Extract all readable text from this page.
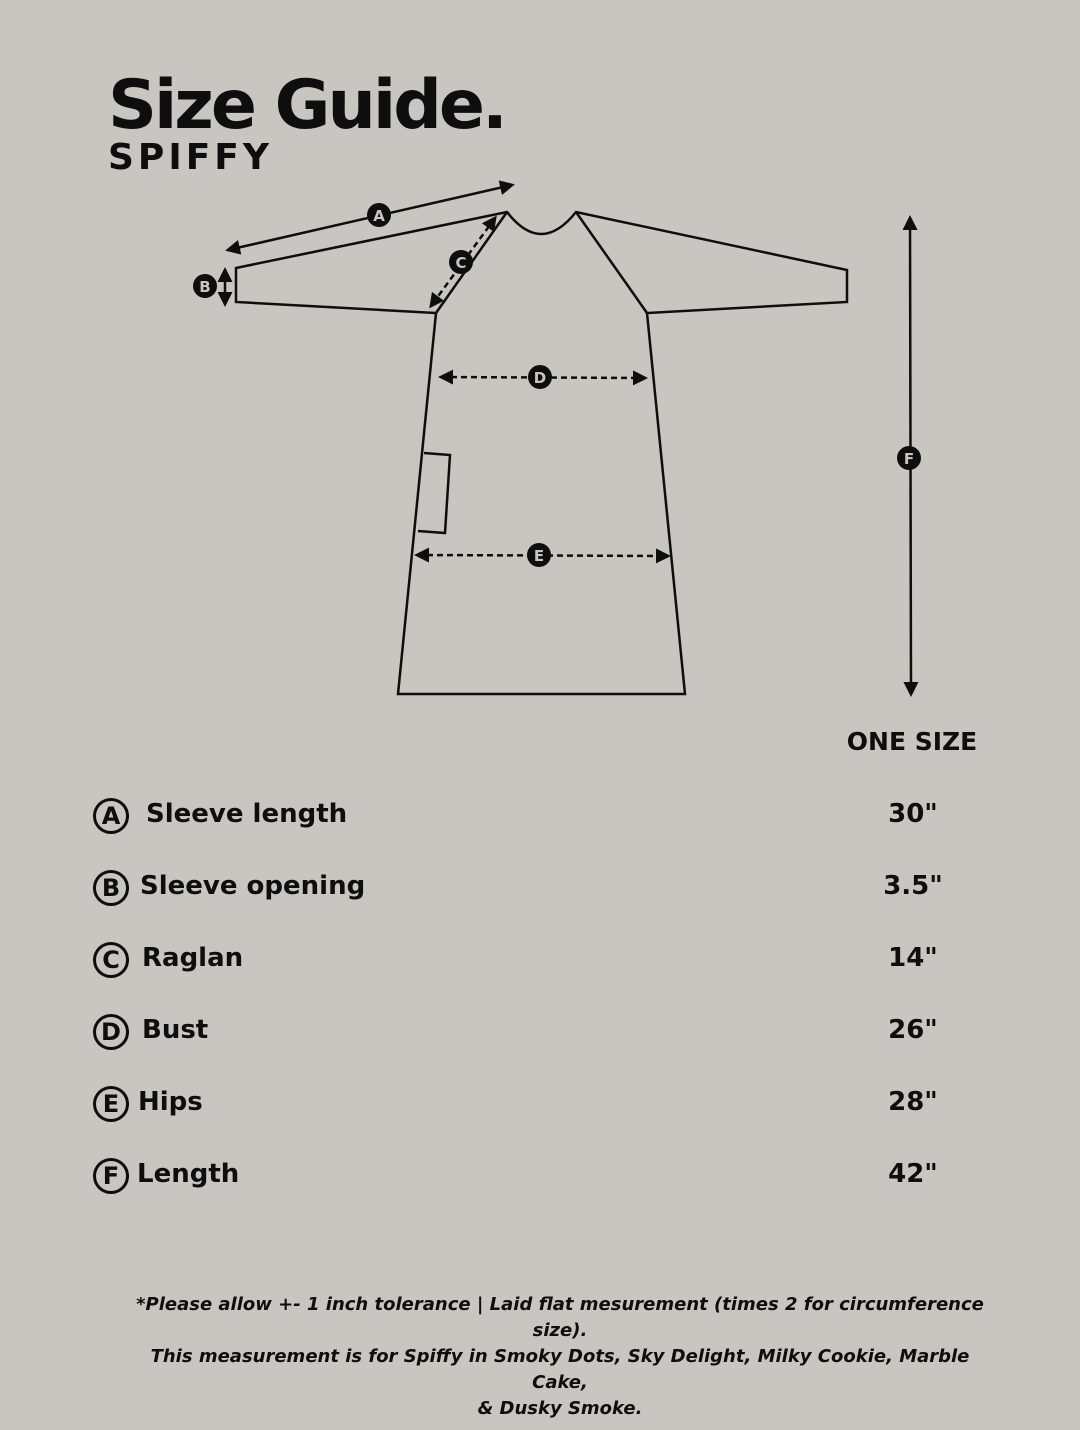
Size Guide.
SPIFFY
A
B
C
D
E
F
ONE SIZE
A Sleeve length	30"
B Sleeve opening	3.5"
C Raglan	14"
D Bust	26"
E Hips	28"
F Length	42"
*Please allow +- 1 inch tolerance | Laid flat mesurement (times 2 for circumference size).
This measurement is for Spiffy in Smoky Dots, Sky Delight, Milky Cookie, Marble Cake,
& Dusky Smoke.
